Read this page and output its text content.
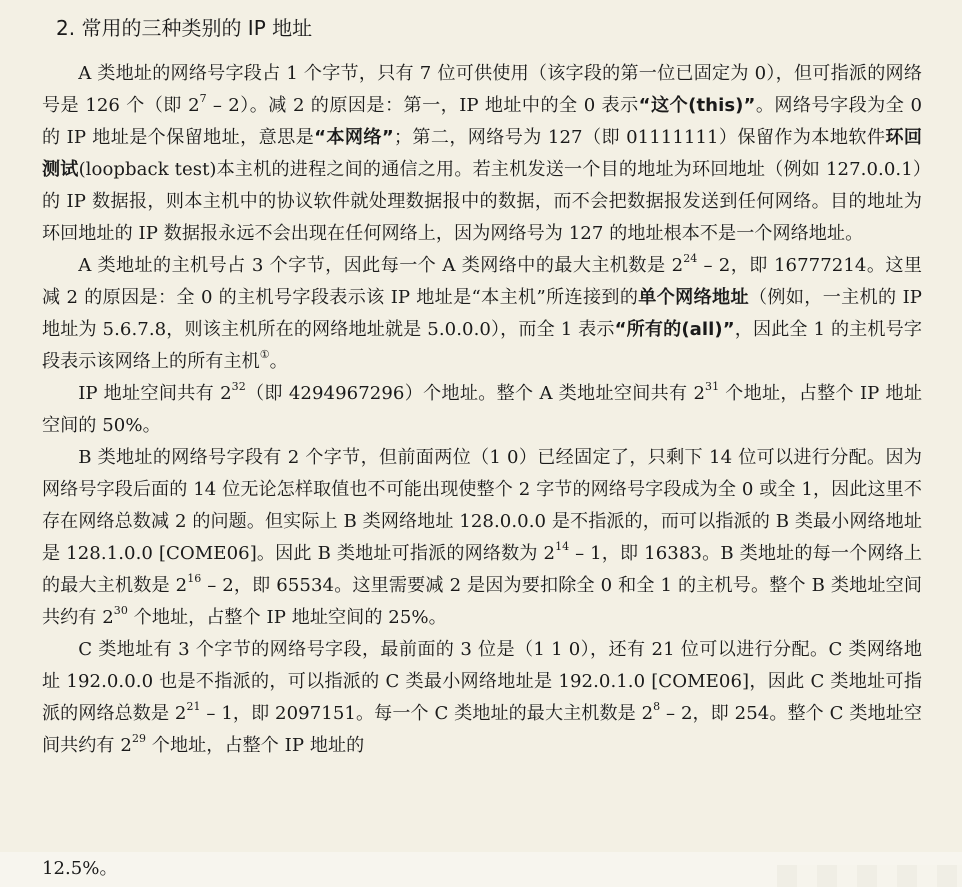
2. 常用的三种类别的 IP 地址

A 类地址的网络号字段占 1 个字节，只有 7 位可供使用（该字段的第一位已固定为 0），但可指派的网络号是 126 个（即 $2^7 - 2$）。减 2 的原因是：第一，IP 地址中的全 0 表示“这个(this)”。网络号字段为全 0 的 IP 地址是个保留地址，意思是“本网络”；第二，网络号为 127（即 01111111）保留作为本地软件环回测试(loopback test)本主机的进程之间的通信之用。若主机发送一个目的地址为环回地址（例如 127.0.0.1）的 IP 数据报，则本主机中的协议软件就处理数据报中的数据，而不会把数据报发送到任何网络。目的地址为环回地址的 IP 数据报永远不会出现在任何网络上，因为网络号为 127 的地址根本不是一个网络地址。

A 类地址的主机号占 3 个字节，因此每一个 A 类网络中的最大主机数是 $2^{24} - 2$，即 16777214。这里减 2 的原因是：全 0 的主机号字段表示该 IP 地址是“本主机”所连接到的单个网络地址（例如，一主机的 IP 地址为 5.6.7.8，则该主机所在的网络地址就是 5.0.0.0），而全 1 表示“所有的(all)”，因此全 1 的主机号字段表示该网络上的所有主机①。

IP 地址空间共有 $2^{32}$（即 4294967296）个地址。整个 A 类地址空间共有 $2^{31}$ 个地址，占整个 IP 地址空间的 50%。

B 类地址的网络号字段有 2 个字节，但前面两位（1 0）已经固定了，只剩下 14 位可以进行分配。因为网络号字段后面的 14 位无论怎样取值也不可能出现使整个 2 字节的网络号字段成为全 0 或全 1，因此这里不存在网络总数减 2 的问题。但实际上 B 类网络地址 128.0.0.0 是不指派的，而可以指派的 B 类最小网络地址是 128.1.0.0 [COME06]。因此 B 类地址可指派的网络数为 $2^{14} - 1$，即 16383。B 类地址的每一个网络上的最大主机数是 $2^{16} - 2$，即 65534。这里需要减 2 是因为要扣除全 0 和全 1 的主机号。整个 B 类地址空间共约有 $2^{30}$ 个地址，占整个 IP 地址空间的 25%。

C 类地址有 3 个字节的网络号字段，最前面的 3 位是（1 1 0），还有 21 位可以进行分配。C 类网络地址 192.0.0.0 也是不指派的，可以指派的 C 类最小网络地址是 192.0.1.0 [COME06]，因此 C 类地址可指派的网络总数是 $2^{21} - 1$，即 2097151。每一个 C 类地址的最大主机数是 $2^8 - 2$，即 254。整个 C 类地址空间共约有 $2^{29}$ 个地址，占整个 IP 地址的

12.5%。
